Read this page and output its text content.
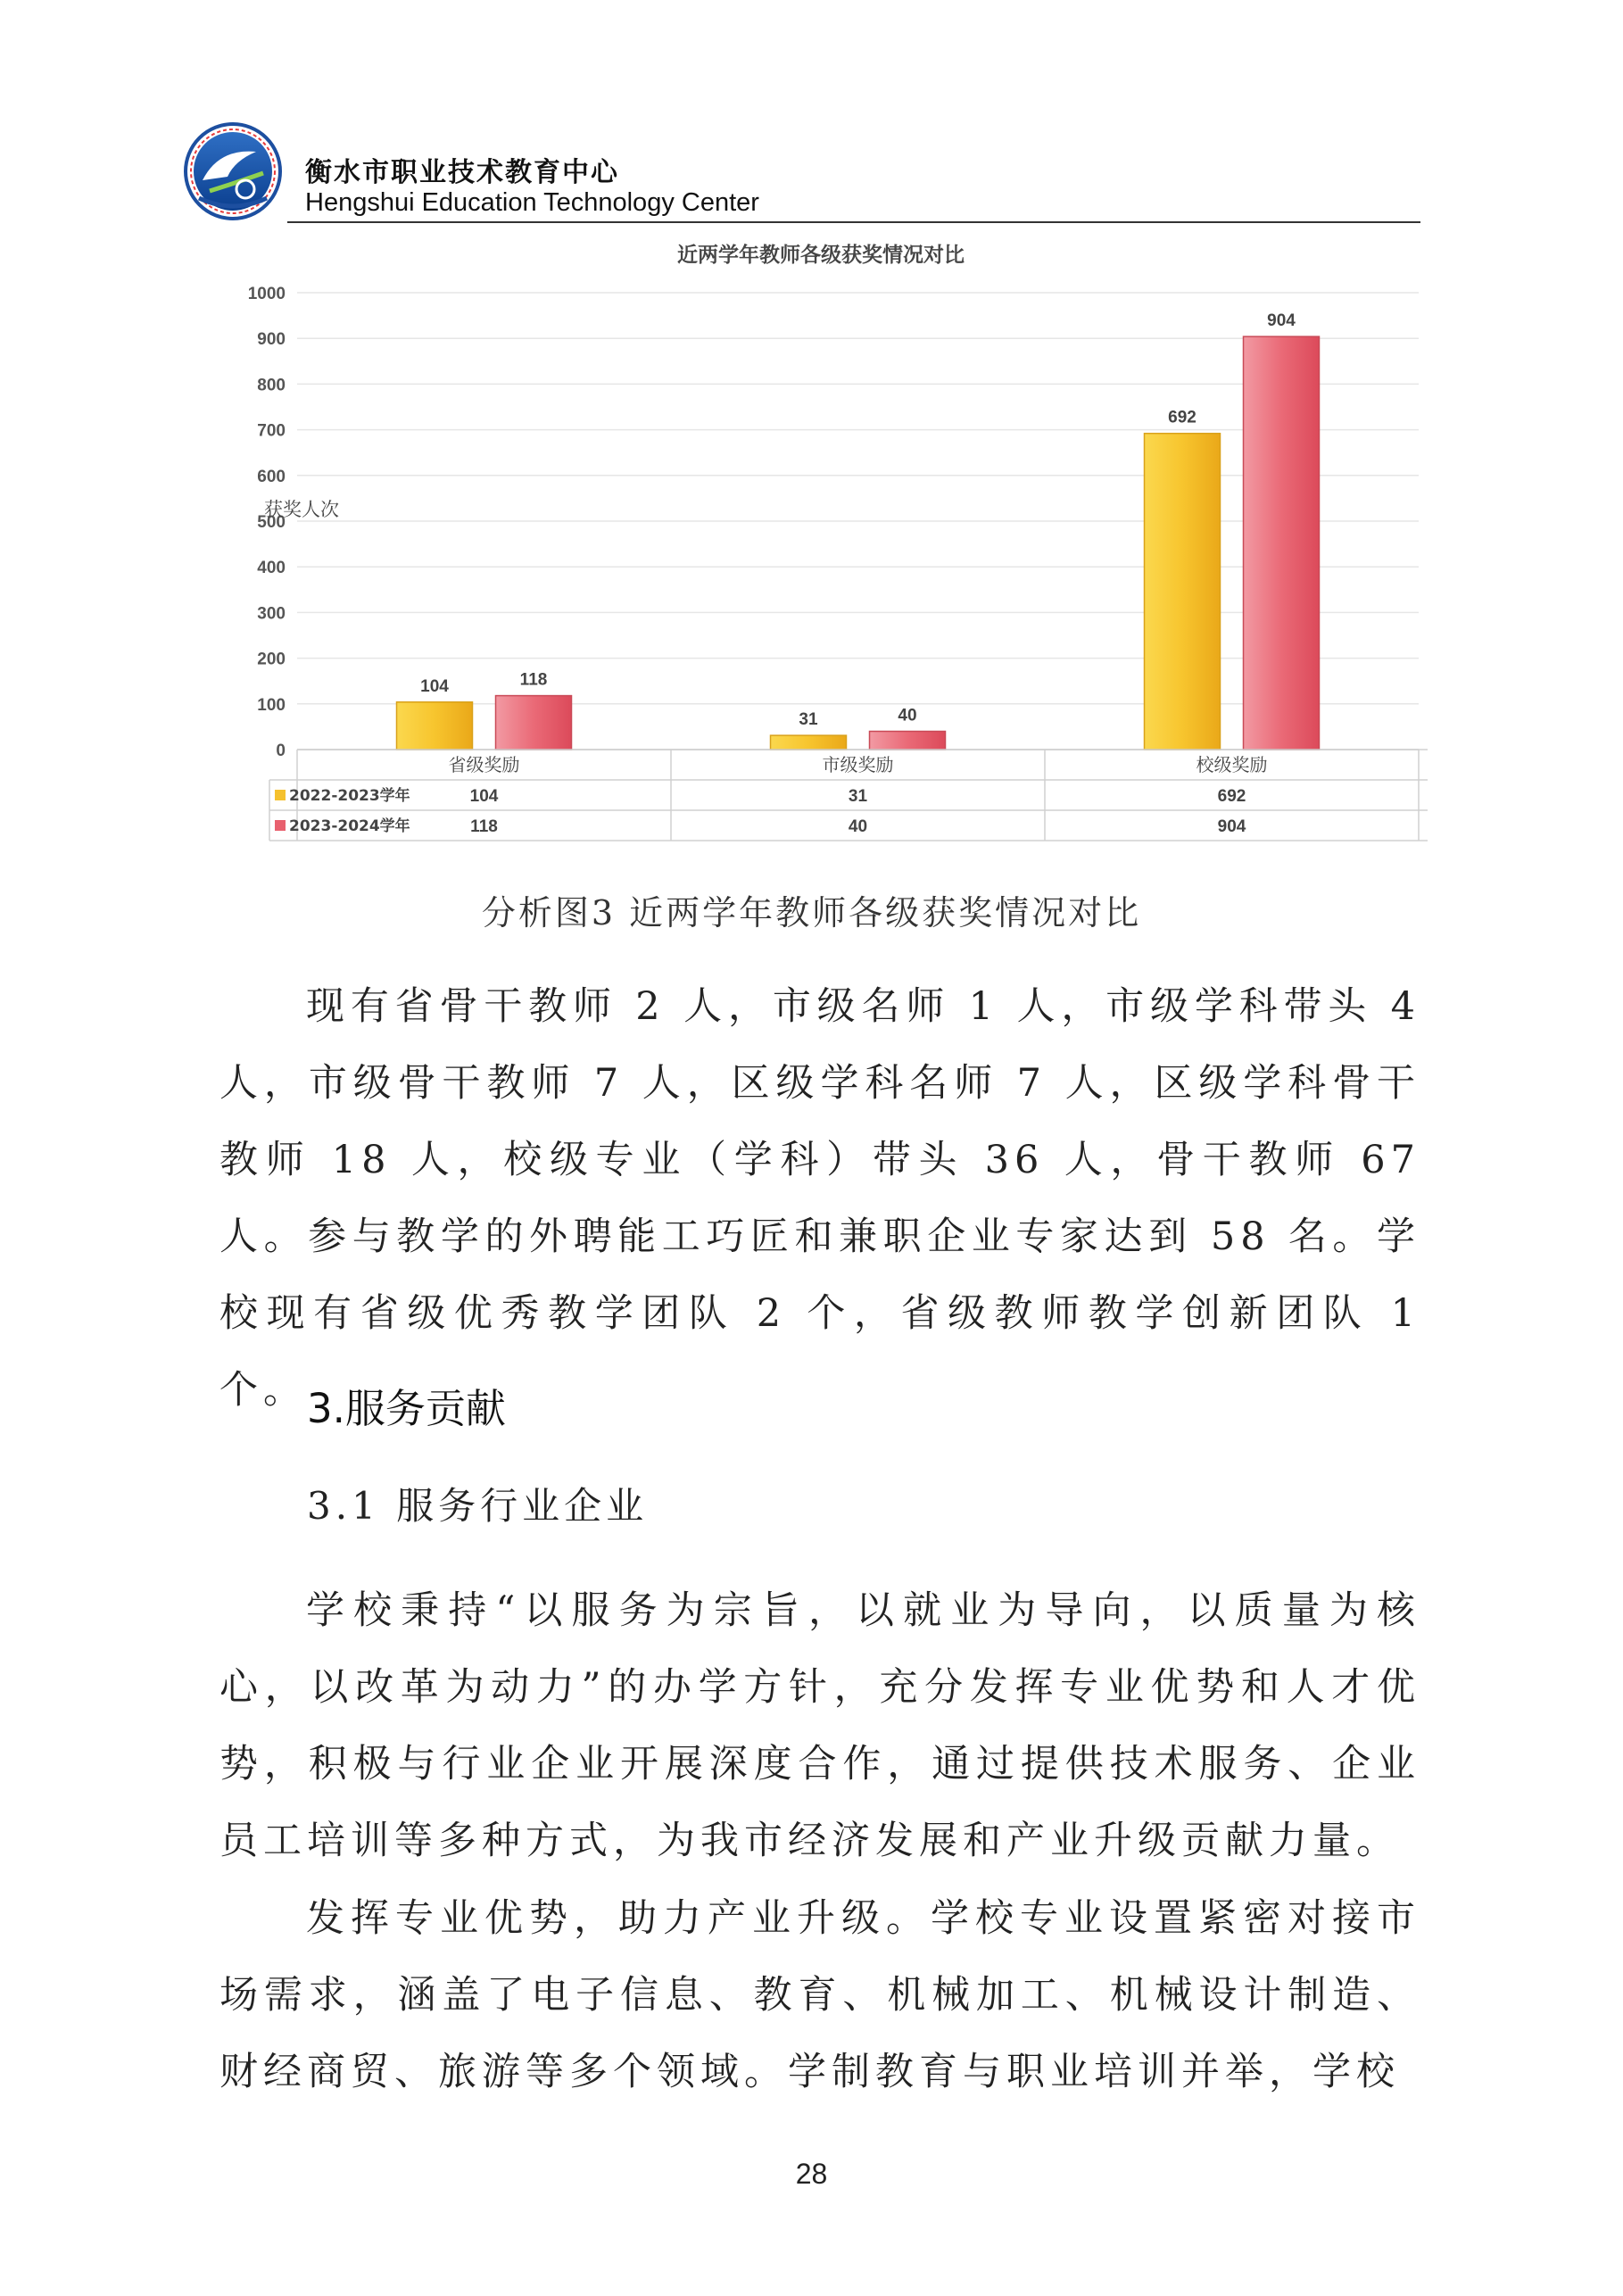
衡水市职业技术教育中心
Hengshui Education Technology Center
0
100
200
300
400
500
600
700
800
900
1000
104
31
692
118
40
904
省级奖励	市级奖励	校级奖励
2022-2023学年	104	31	692
2023-2024学年	118	40	904
近两学年教师各级获奖情况对比
获奖人次
分析图3 近两学年教师各级获奖情况对比

现有省骨干教师 2 人，市级名师 1 人，市级学科带头 4 人，市级骨干教师 7 人，区级学科名师 7 人，区级学科骨干教师 18 人，校级专业（学科）带头 36 人，骨干教师 67 人。参与教学的外聘能工巧匠和兼职企业专家达到 58 名。学校现有省级优秀教学团队 2 个，省级教师教学创新团队 1 个。 3.服务贡献
3.1 服务行业企业

学校秉持“以服务为宗旨，以就业为导向，以质量为核心，以改革为动力”的办学方针，充分发挥专业优势和人才优势，积极与行业企业开展深度合作，通过提供技术服务、企业员工培训等多种方式，为我市经济发展和产业升级贡献力量。

发挥专业优势，助力产业升级。学校专业设置紧密对接市场需求，涵盖了电子信息、教育、机械加工、机械设计制造、财经商贸、旅游等多个领域。学制教育与职业培训并举，学校

28
